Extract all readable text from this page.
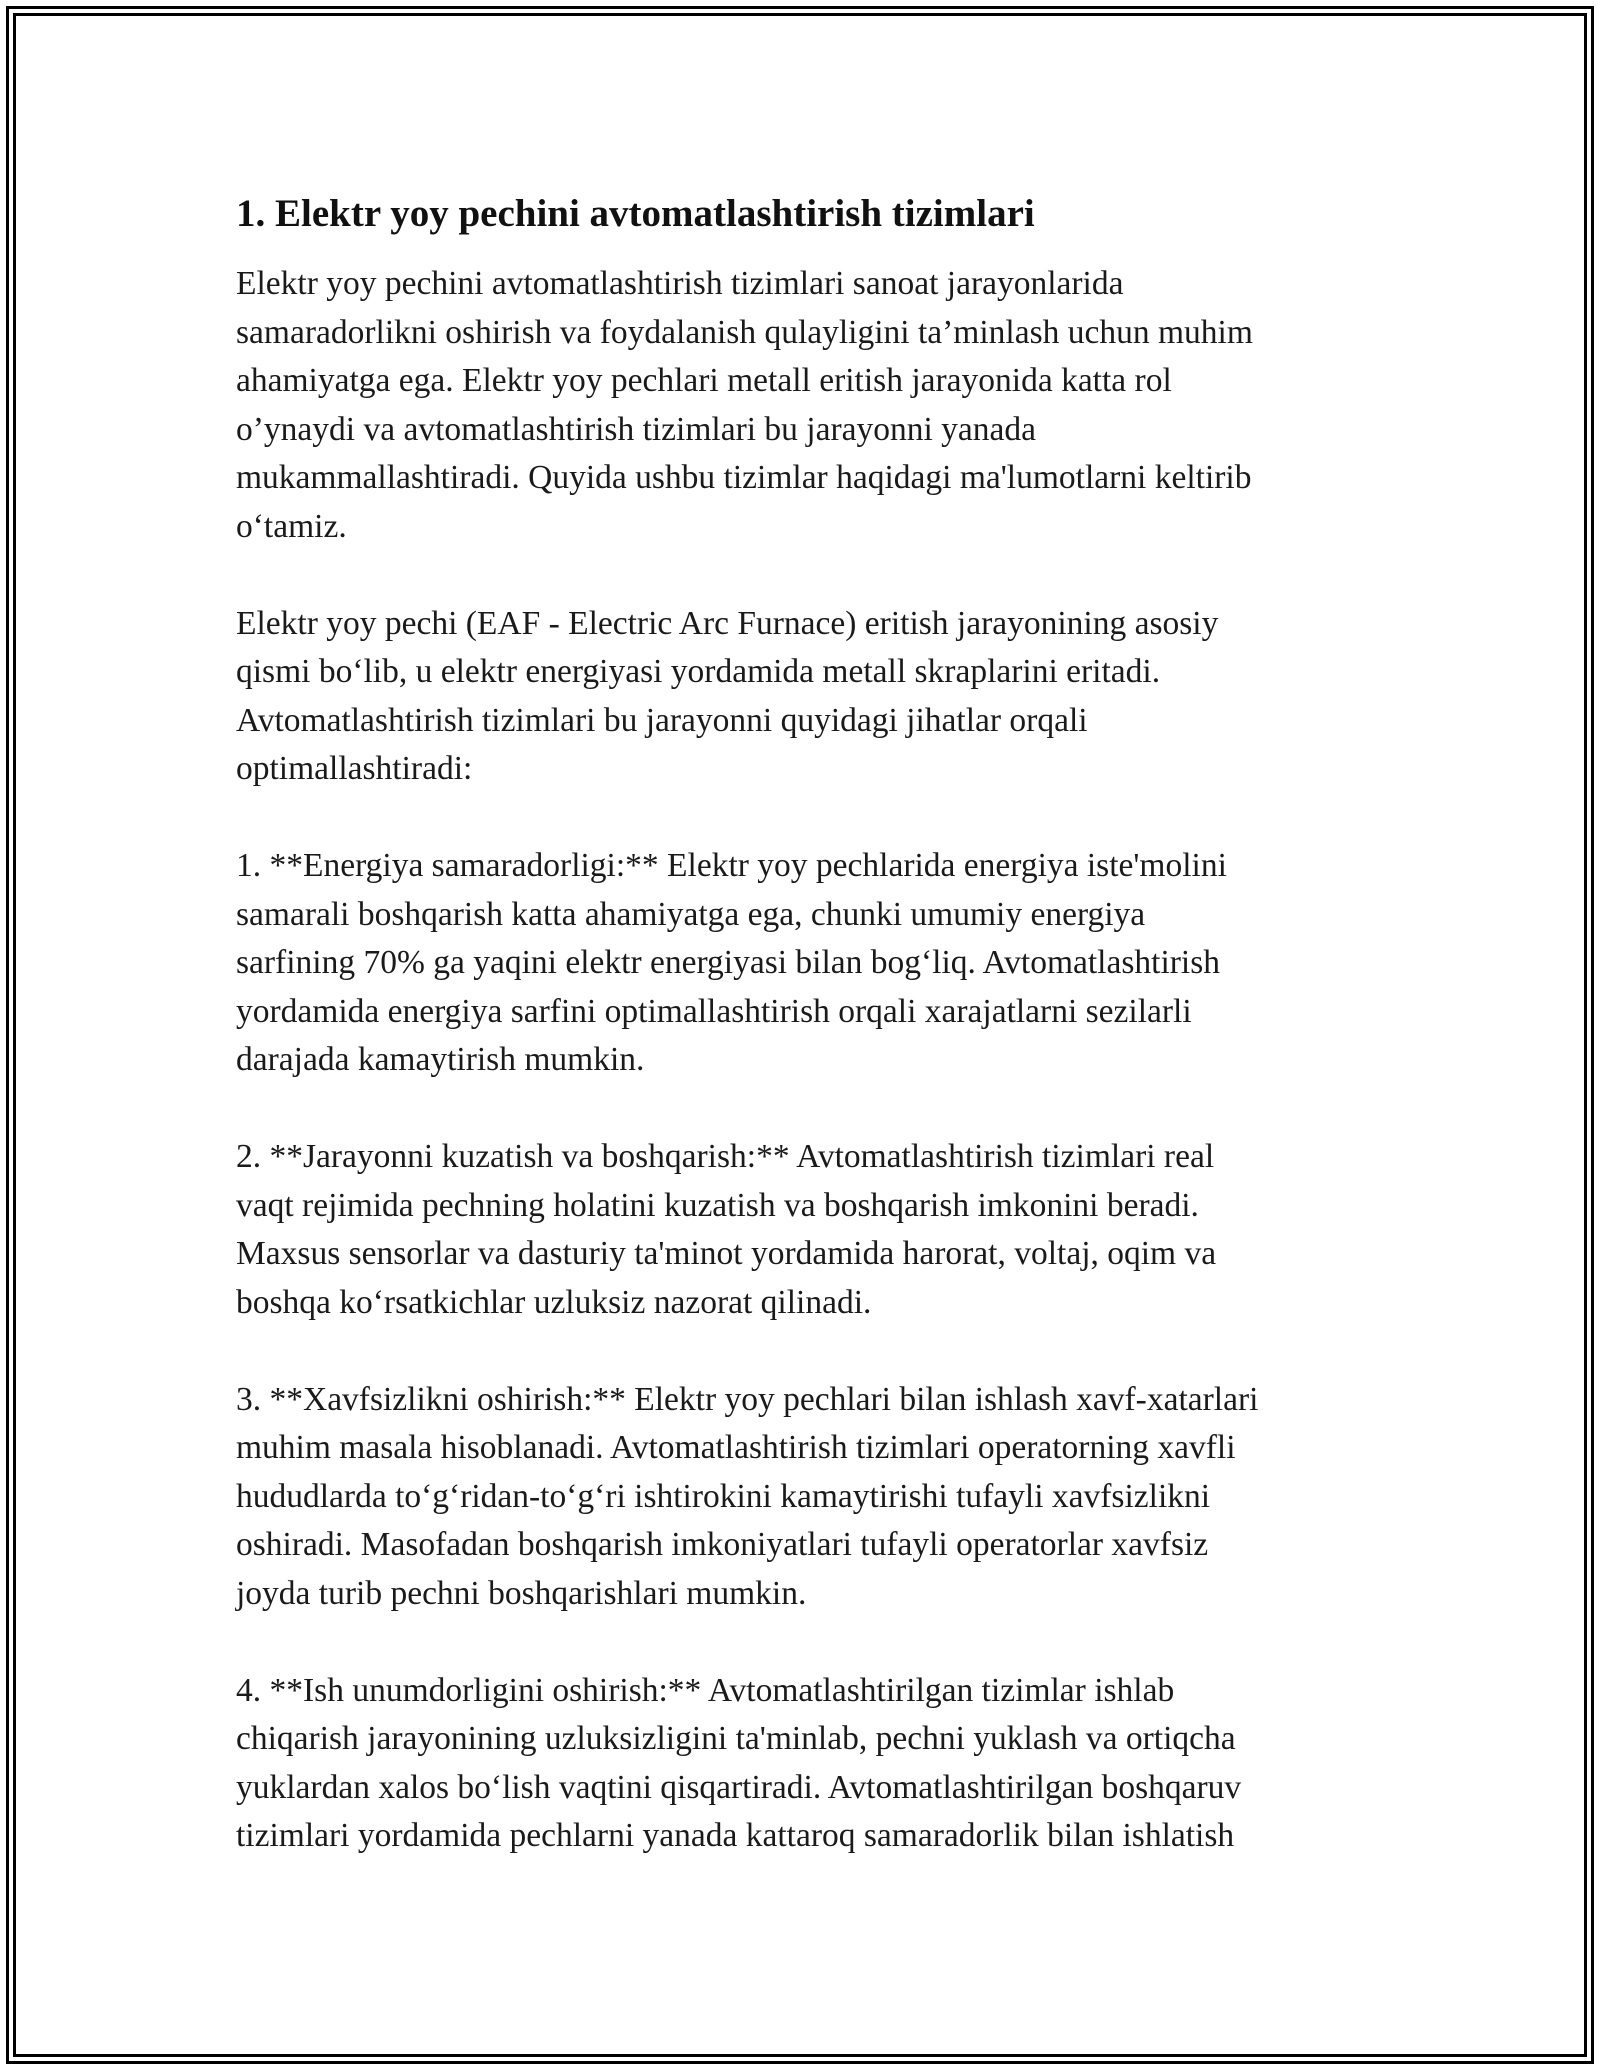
1. Elektr yoy pechini avtomatlashtirish tizimlari

Elektr yoy pechini avtomatlashtirish tizimlari sanoat jarayonlarida
samaradorlikni oshirish va foydalanish qulayligini ta’minlash uchun muhim
ahamiyatga ega. Elektr yoy pechlari metall eritish jarayonida katta rol
o’ynaydi va avtomatlashtirish tizimlari bu jarayonni yanada
mukammallashtiradi. Quyida ushbu tizimlar haqidagi ma'lumotlarni keltirib
o‘tamiz.

Elektr yoy pechi (EAF - Electric Arc Furnace) eritish jarayonining asosiy
qismi bo‘lib, u elektr energiyasi yordamida metall skraplarini eritadi.
Avtomatlashtirish tizimlari bu jarayonni quyidagi jihatlar orqali
optimallashtiradi:

1. **Energiya samaradorligi:** Elektr yoy pechlarida energiya iste'molini
samarali boshqarish katta ahamiyatga ega, chunki umumiy energiya
sarfining 70% ga yaqini elektr energiyasi bilan bog‘liq. Avtomatlashtirish
yordamida energiya sarfini optimallashtirish orqali xarajatlarni sezilarli
darajada kamaytirish mumkin.

2. **Jarayonni kuzatish va boshqarish:** Avtomatlashtirish tizimlari real
vaqt rejimida pechning holatini kuzatish va boshqarish imkonini beradi.
Maxsus sensorlar va dasturiy ta'minot yordamida harorat, voltaj, oqim va
boshqa ko‘rsatkichlar uzluksiz nazorat qilinadi.

3. **Xavfsizlikni oshirish:** Elektr yoy pechlari bilan ishlash xavf-xatarlari
muhim masala hisoblanadi. Avtomatlashtirish tizimlari operatorning xavfli
hududlarda to‘g‘ridan-to‘g‘ri ishtirokini kamaytirishi tufayli xavfsizlikni
oshiradi. Masofadan boshqarish imkoniyatlari tufayli operatorlar xavfsiz
joyda turib pechni boshqarishlari mumkin.

4. **Ish unumdorligini oshirish:** Avtomatlashtirilgan tizimlar ishlab
chiqarish jarayonining uzluksizligini ta'minlab, pechni yuklash va ortiqcha
yuklardan xalos bo‘lish vaqtini qisqartiradi. Avtomatlashtirilgan boshqaruv
tizimlari yordamida pechlarni yanada kattaroq samaradorlik bilan ishlatish
